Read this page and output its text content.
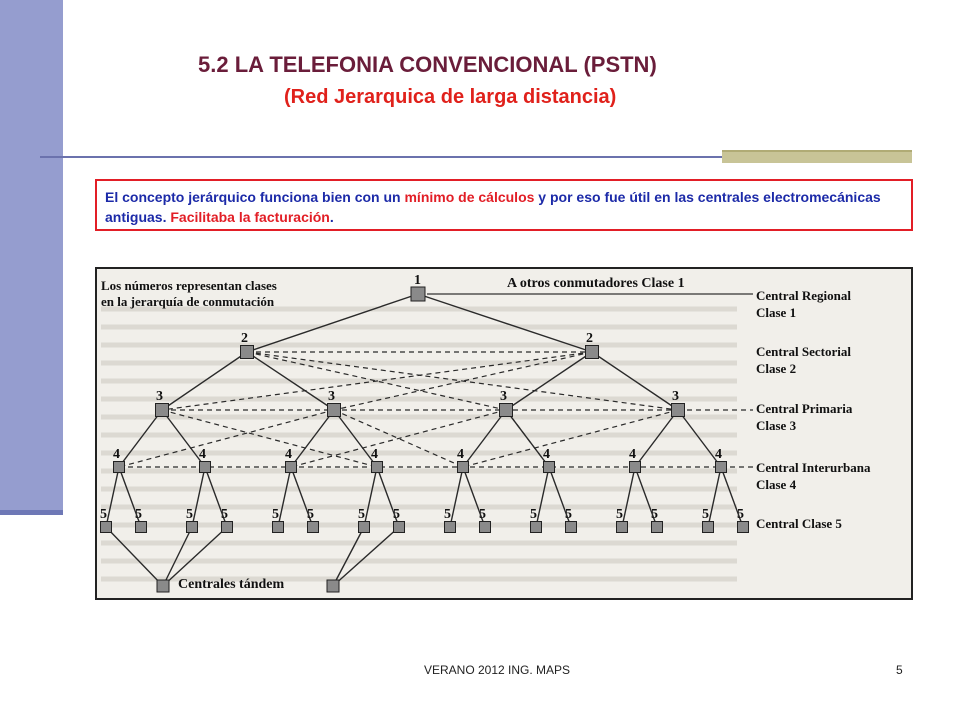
5.2 LA TELEFONIA CONVENCIONAL (PSTN)
(Red Jerarquica de larga distancia)
El concepto jerárquico funciona bien con un mínimo de cálculos y por eso fue útil en las centrales electromecánicas antiguas. Facilitaba la facturación.
1
2	2
3	3	3	3
4	4	4	4	4	4	4	4
5 5	5 5	5 5	5 5	5 5	5 5	5 5	5 5
Los números representan clases
en la jerarquía de conmutación
A otros conmutadores Clase 1
Centrales tándem
Central Regional
Clase 1
Central Sectorial
Clase 2
Central Primaria
Clase 3
Central Interurbana
Clase 4
Central Clase 5
VERANO 2012 ING. MAPS	5
